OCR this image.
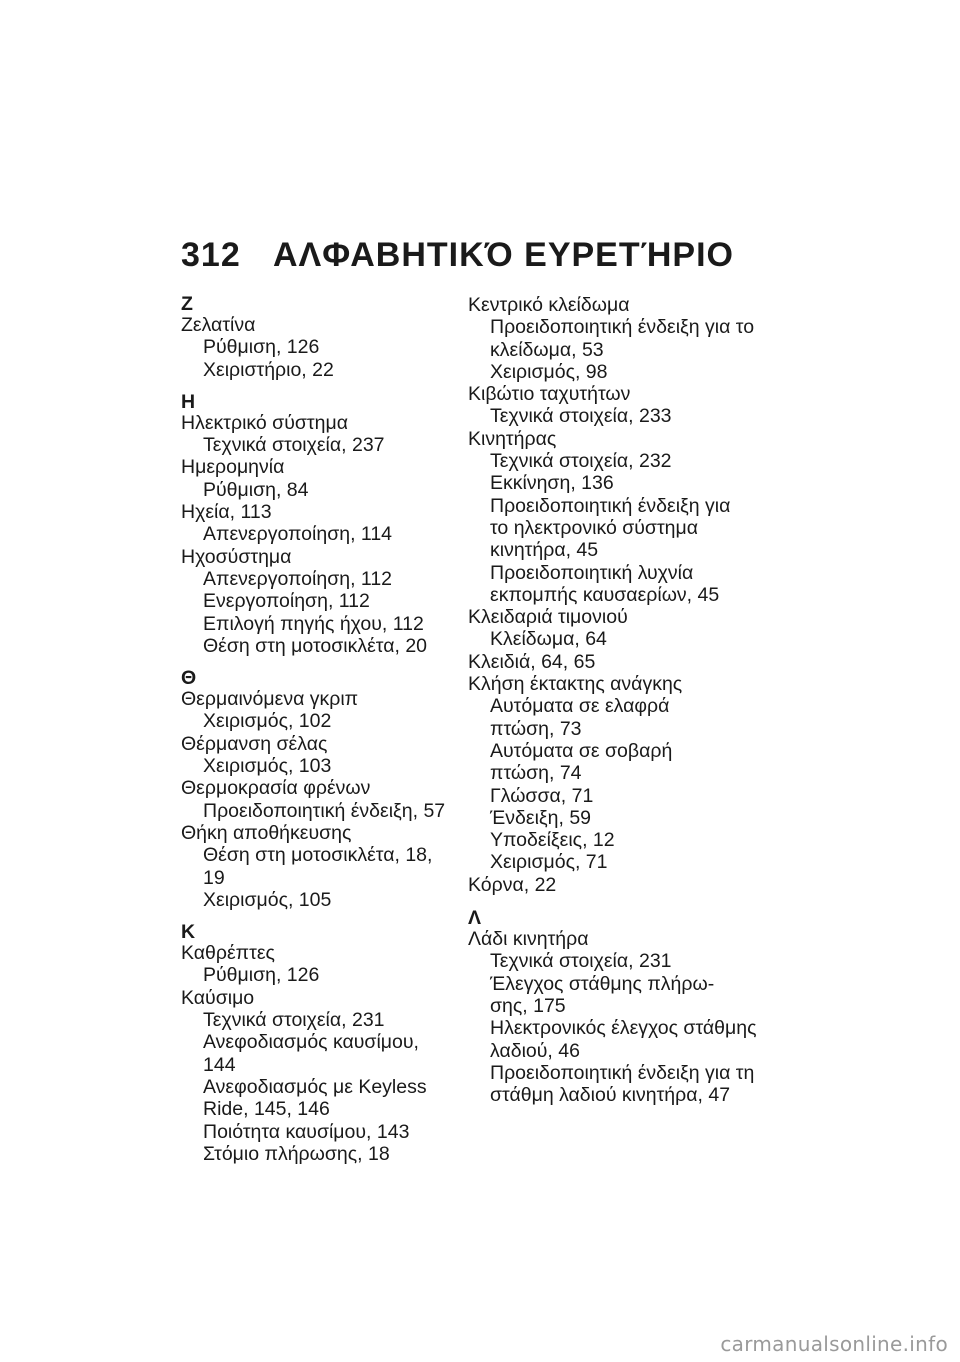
312 ΑΛΦΑΒΗΤΙΚΌ ΕΥΡΕΤΉΡΙΟ
Ζ
Ζελατίνα
Ρύθμιση, 126
Χειριστήριο, 22
Η
Ηλεκτρικό σύστημα
Τεχνικά στοιχεία, 237
Ημερομηνία
Ρύθμιση, 84
Ηχεία, 113
Απενεργοποίηση, 114
Ηχοσύστημα
Απενεργοποίηση, 112
Ενεργοποίηση, 112
Επιλογή πηγής ήχου, 112
Θέση στη μοτοσικλέτα, 20
Θ
Θερμαινόμενα γκριπ
Χειρισμός, 102
Θέρμανση σέλας
Χειρισμός, 103
Θερμοκρασία φρένων
Προειδοποιητική ένδειξη, 57
Θήκη αποθήκευσης
Θέση στη μοτοσικλέτα, 18, 19
Χειρισμός, 105
Κ
Καθρέπτες
Ρύθμιση, 126
Καύσιμο
Τεχνικά στοιχεία, 231
Ανεφοδιασμός καυσίμου, 144
Ανεφοδιασμός με Keyless
Ride, 145, 146
Ποιότητα καυσίμου, 143
Στόμιο πλήρωσης, 18
Κεντρικό κλείδωμα
Προειδοποιητική ένδειξη για το
κλείδωμα, 53
Χειρισμός, 98
Κιβώτιο ταχυτήτων
Τεχνικά στοιχεία, 233
Κινητήρας
Τεχνικά στοιχεία, 232
Εκκίνηση, 136
Προειδοποιητική ένδειξη για
το ηλεκτρονικό σύστημα
κινητήρα, 45
Προειδοποιητική λυχνία
εκπομπής καυσαερίων, 45
Κλειδαριά τιμονιού
Κλείδωμα, 64
Κλειδιά, 64, 65
Κλήση έκτακτης ανάγκης
Αυτόματα σε ελαφρά
πτώση, 73
Αυτόματα σε σοβαρή
πτώση, 74
Γλώσσα, 71
Ένδειξη, 59
Υποδείξεις, 12
Χειρισμός, 71
Κόρνα, 22
Λ
Λάδι κινητήρα
Τεχνικά στοιχεία, 231
Έλεγχος στάθμης πλήρω-
σης, 175
Ηλεκτρονικός έλεγχος στάθμης
λαδιού, 46
Προειδοποιητική ένδειξη για τη
στάθμη λαδιού κινητήρα, 47
carmanualsonline.info
